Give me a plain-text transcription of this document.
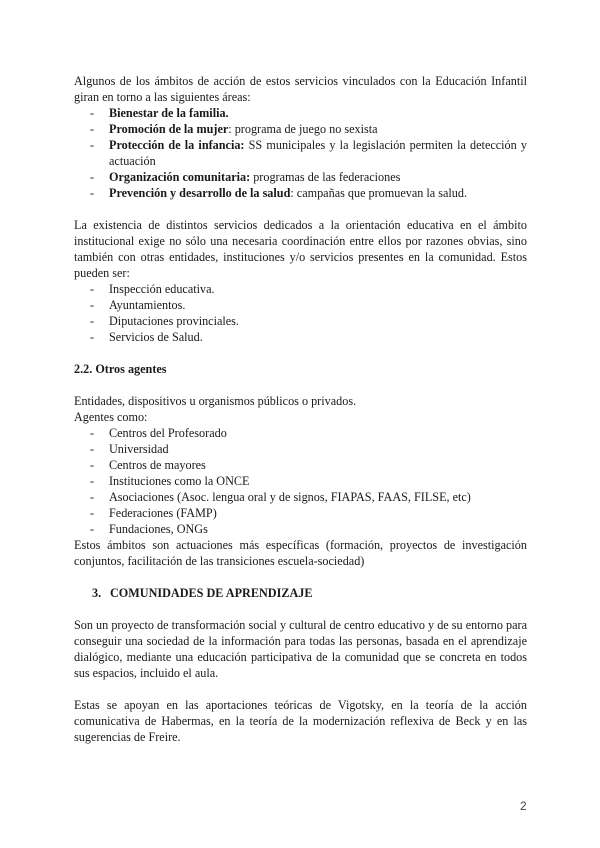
Algunos de los ámbitos de acción de estos servicios vinculados con la Educación Infantil giran en torno a las siguientes áreas:

- Bienestar de la familia.
- Promoción de la mujer: programa de juego no sexista
- Protección de la infancia: SS municipales y la legislación permiten la detección y actuación
- Organización comunitaria: programas de las federaciones
- Prevención y desarrollo de la salud: campañas que promuevan la salud.

La existencia de distintos servicios dedicados a la orientación educativa en el ámbito institucional exige no sólo una necesaria coordinación entre ellos por razones obvias, sino también con otras entidades, instituciones y/o servicios presentes en la comunidad. Estos pueden ser:

- Inspección educativa.
- Ayuntamientos.
- Diputaciones provinciales.
- Servicios de Salud.

2.2. Otros agentes

Entidades, dispositivos u organismos públicos o privados.

Agentes como:

- Centros del Profesorado
- Universidad
- Centros de mayores
- Instituciones como la ONCE
- Asociaciones (Asoc. lengua oral y de signos, FIAPAS, FAAS, FILSE, etc)
- Federaciones (FAMP)
- Fundaciones, ONGs

Estos ámbitos son actuaciones más específicas (formación, proyectos de investigación conjuntos, facilitación de las transiciones escuela-sociedad)

3. COMUNIDADES DE APRENDIZAJE

Son un proyecto de transformación social y cultural de centro educativo y de su entorno para conseguir una sociedad de la información para todas las personas, basada en el aprendizaje dialógico, mediante una educación participativa de la comunidad que se concreta en todos sus espacios, incluido el aula.

Estas se apoyan en las aportaciones teóricas de Vigotsky, en la teoría de la acción comunicativa de Habermas, en la teoría de la modernización reflexiva de Beck y en las sugerencias de Freire.

2
